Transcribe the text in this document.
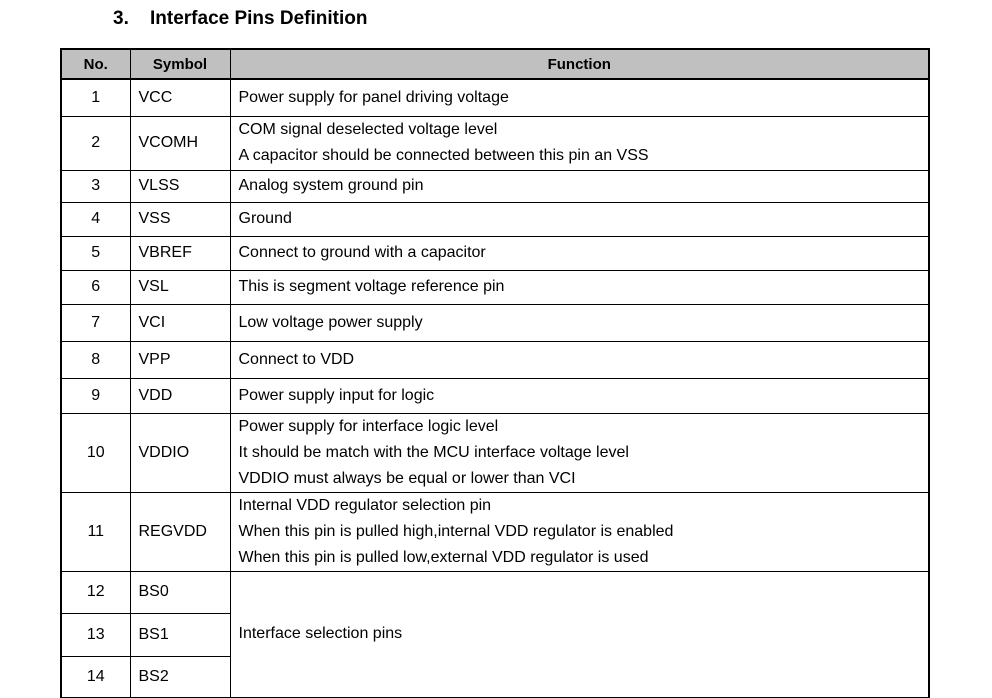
3. Interface Pins Definition
No.	Symbol	Function
1	VCC	Power supply for panel driving voltage

2	VCOMH	COM signal deselected voltage level
A capacitor should be connected between this pin an VSS

3	VLSS	Analog system ground pin

4	VSS	Ground

5	VBREF	Connect to ground with a capacitor

6	VSL	This is segment voltage reference pin

7	VCI	Low voltage power supply

8	VPP	Connect to VDD

9	VDD	Power supply input for logic

10	VDDIO	Power supply for interface logic level
It should be match with the MCU interface voltage level
VDDIO must always be equal or lower than VCI

11	REGVDD	Internal VDD regulator selection pin
When this pin is pulled high,internal VDD regulator is enabled
When this pin is pulled low,external VDD regulator is used

12	BS0	Interface selection pins

13	BS1	
14	BS2	
